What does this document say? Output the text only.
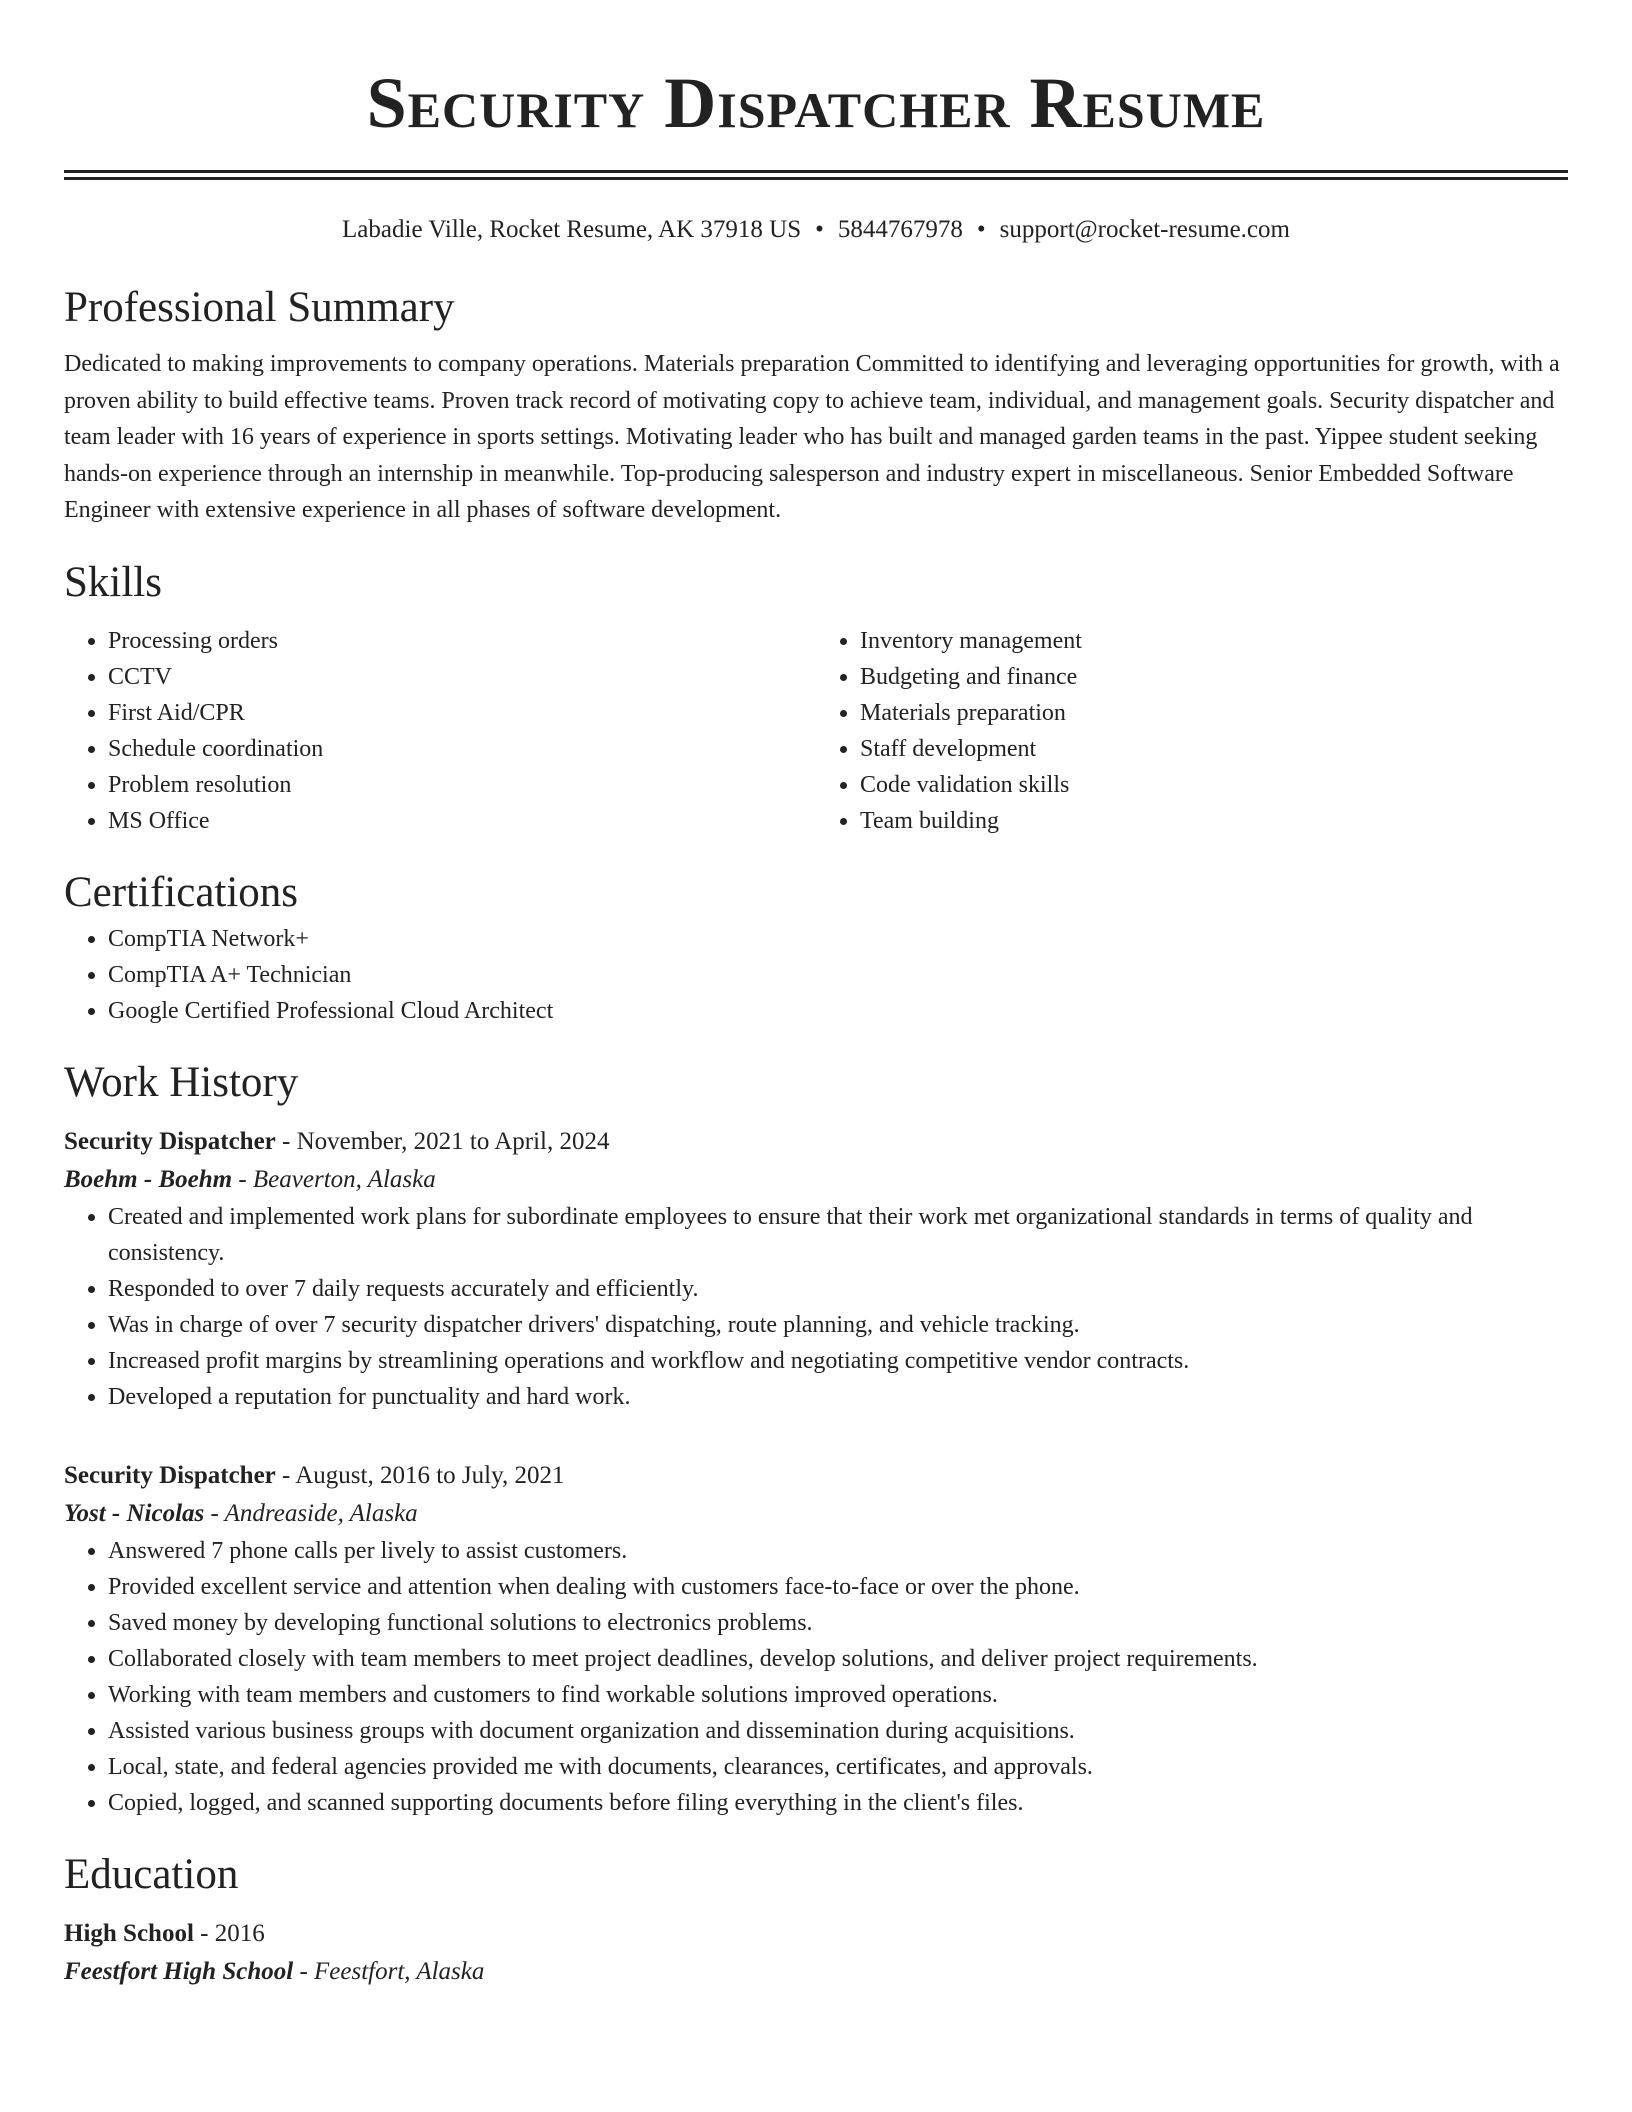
Security Dispatcher Resume
Labadie Ville, Rocket Resume, AK 37918 US • 5844767978 • support@rocket-resume.com
Professional Summary

Dedicated to making improvements to company operations. Materials preparation Committed to identifying and leveraging opportunities for growth, with a proven ability to build effective teams. Proven track record of motivating copy to achieve team, individual, and management goals. Security dispatcher and team leader with 16 years of experience in sports settings. Motivating leader who has built and managed garden teams in the past. Yippee student seeking hands-on experience through an internship in meanwhile. Top-producing salesperson and industry expert in miscellaneous. Senior Embedded Software Engineer with extensive experience in all phases of software development.

Skills
• Processing orders
• CCTV
• First Aid/CPR
• Schedule coordination
• Problem resolution
• MS Office
• Inventory management
• Budgeting and finance
• Materials preparation
• Staff development
• Code validation skills
• Team building
Certifications
• CompTIA Network+
• CompTIA A+ Technician
• Google Certified Professional Cloud Architect
Work History
Security Dispatcher - November, 2021 to April, 2024
Boehm - Boehm - Beaverton, Alaska
• Created and implemented work plans for subordinate employees to ensure that their work met organizational standards in terms of quality and consistency.
• Responded to over 7 daily requests accurately and efficiently.
• Was in charge of over 7 security dispatcher drivers' dispatching, route planning, and vehicle tracking.
• Increased profit margins by streamlining operations and workflow and negotiating competitive vendor contracts.
• Developed a reputation for punctuality and hard work.
Security Dispatcher - August, 2016 to July, 2021
Yost - Nicolas - Andreaside, Alaska
• Answered 7 phone calls per lively to assist customers.
• Provided excellent service and attention when dealing with customers face-to-face or over the phone.
• Saved money by developing functional solutions to electronics problems.
• Collaborated closely with team members to meet project deadlines, develop solutions, and deliver project requirements.
• Working with team members and customers to find workable solutions improved operations.
• Assisted various business groups with document organization and dissemination during acquisitions.
• Local, state, and federal agencies provided me with documents, clearances, certificates, and approvals.
• Copied, logged, and scanned supporting documents before filing everything in the client's files.
Education
High School - 2016
Feestfort High School - Feestfort, Alaska
